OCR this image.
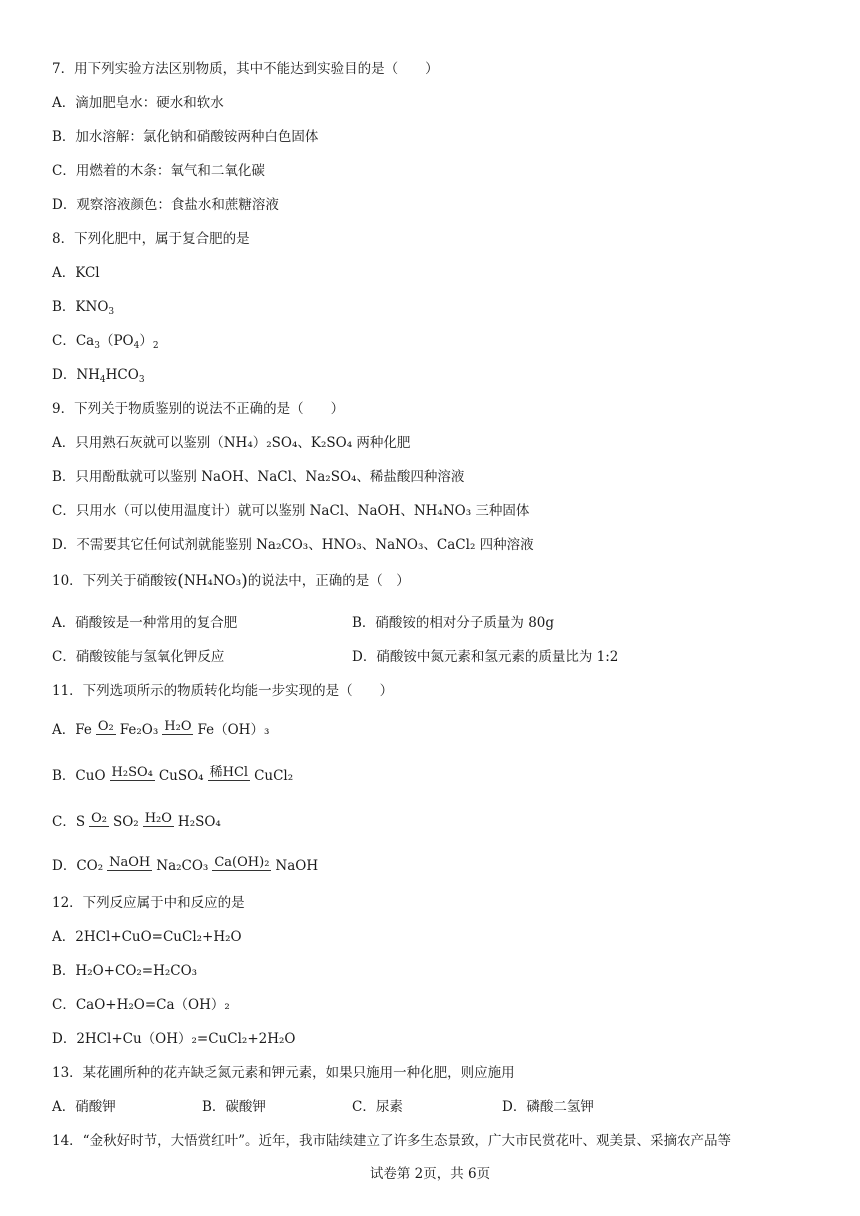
7．用下列实验方法区别物质，其中不能达到实验目的是（　　）
A．滴加肥皂水：硬水和软水
B．加水溶解：氯化钠和硝酸铵两种白色固体
C．用燃着的木条：氧气和二氧化碳
D．观察溶液颜色：食盐水和蔗糖溶液
8．下列化肥中，属于复合肥的是
A．KCl
B．$KNO_3$
C．$Ca_3(PO_4)_2$
D．$NH_4HCO_3$
9．下列关于物质鉴别的说法不正确的是（　　）
A．只用熟石灰就可以鉴别（NH₄）₂SO₄、K₂SO₄ 两种化肥
B．只用酚酞就可以鉴别 NaOH、NaCl、Na₂SO₄、稀盐酸四种溶液
C．只用水（可以使用温度计）就可以鉴别 NaCl、NaOH、NH₄NO₃ 三种固体
D．不需要其它任何试剂就能鉴别 Na₂CO₃、HNO₃、NaNO₃、CaCl₂ 四种溶液
10．下列关于硝酸铵(NH₄NO₃)的说法中，正确的是（　）
A．硝酸铵是一种常用的复合肥	B．硝酸铵的相对分子质量为 80g
C．硝酸铵能与氢氧化钾反应	D．硝酸铵中氮元素和氢元素的质量比为 1:2
11．下列选项所示的物质转化均能一步实现的是（　　）
A．Fe O₂ Fe₂O₃ H₂O Fe（OH）₃
B．CuO H₂SO₄ CuSO₄ 稀HCl CuCl₂
C．S O₂ SO₂ H₂O H₂SO₄
D．CO₂ NaOH Na₂CO₃ Ca(OH)₂ NaOH
12．下列反应属于中和反应的是
A．2HCl+CuO=CuCl₂+H₂O
B．H₂O+CO₂=H₂CO₃
C．CaO+H₂O=Ca（OH）₂
D．2HCl+Cu（OH）₂=CuCl₂+2H₂O
13．某花圃所种的花卉缺乏氮元素和钾元素，如果只施用一种化肥，则应施用
A．硝酸钾	B．碳酸钾	C．尿素	D．磷酸二氢钾
14．“金秋好时节，大悟赏红叶”。近年，我市陆续建立了许多生态景致，广大市民赏花叶、观美景、采摘农产品等
试卷第 2页，共 6页
